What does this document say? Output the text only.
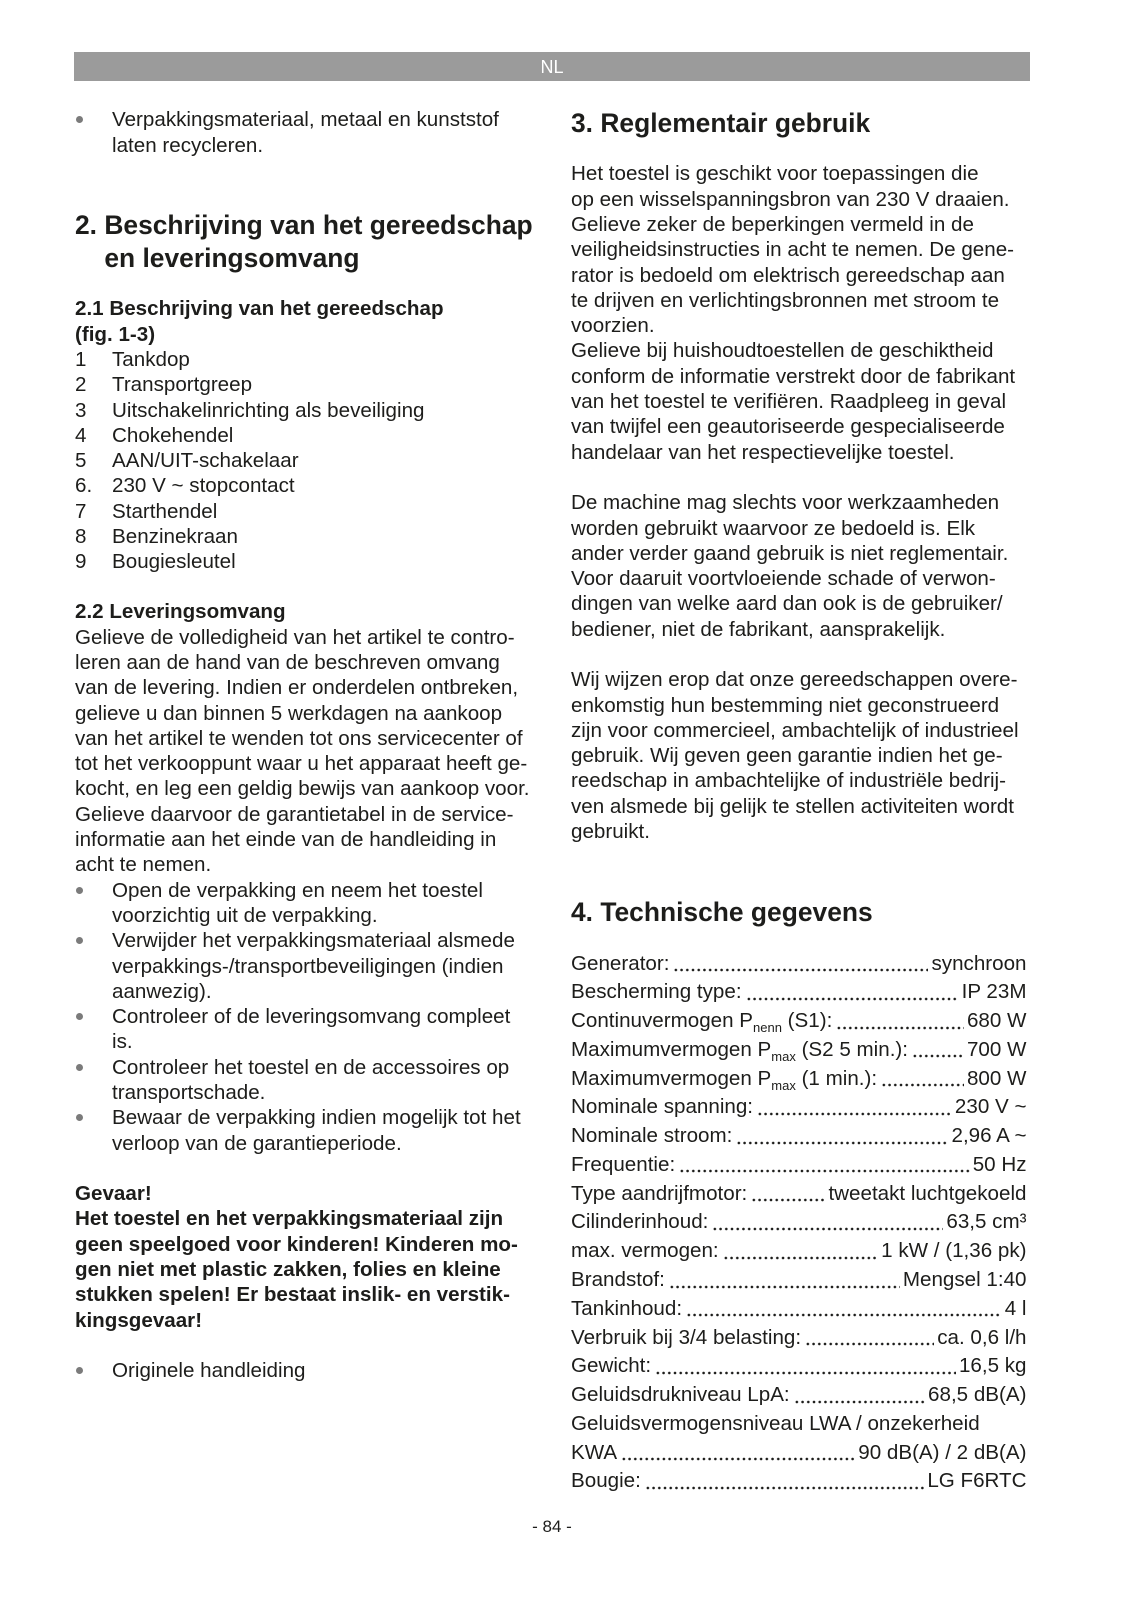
NL
Verpakkingsmateriaal, metaal en kunststof
laten recycleren.
2. Beschrijving van het gereedschap
en leveringsomvang
2.1 Beschrijving van het gereedschap
(fig. 1-3)
1	Tankdop
2	Transportgreep
3	Uitschakelinrichting als beveiliging
4	Chokehendel
5	AAN/UIT-schakelaar
6. 230 V ~ stopcontact
7	Starthendel
8	Benzinekraan
9	Bougiesleutel
2.2 Leveringsomvang
Gelieve de volledigheid van het artikel te contro-
leren aan de hand van de beschreven omvang
van de levering. Indien er onderdelen ontbreken,
gelieve u dan binnen 5 werkdagen na aankoop
van het artikel te wenden tot ons servicecenter of
tot het verkooppunt waar u het apparaat heeft ge-
kocht, en leg een geldig bewijs van aankoop voor.
Gelieve daarvoor de garantietabel in de service-
informatie aan het einde van de handleiding in
acht te nemen.
Open de verpakking en neem het toestel
voorzichtig uit de verpakking.
Verwijder het verpakkingsmateriaal alsmede
verpakkings-/transportbeveiligingen (indien
aanwezig).
Controleer of de leveringsomvang compleet
is.
Controleer het toestel en de accessoires op
transportschade.
Bewaar de verpakking indien mogelijk tot het
verloop van de garantieperiode.
Gevaar!
Het toestel en het verpakkingsmateriaal zijn
geen speelgoed voor kinderen! Kinderen mo-
gen niet met plastic zakken, folies en kleine
stukken spelen! Er bestaat inslik- en verstik-
kingsgevaar!
Originele handleiding
3. Reglementair gebruik
Het toestel is geschikt voor toepassingen die
op een wisselspanningsbron van 230 V draaien.
Gelieve zeker de beperkingen vermeld in de
veiligheidsinstructies in acht te nemen. De gene-
rator is bedoeld om elektrisch gereedschap aan
te drijven en verlichtingsbronnen met stroom te
voorzien.
Gelieve bij huishoudtoestellen de geschiktheid
conform de informatie verstrekt door de fabrikant
van het toestel te verifiëren. Raadpleeg in geval
van twijfel een geautoriseerde gespecialiseerde
handelaar van het respectievelijke toestel.
De machine mag slechts voor werkzaamheden
worden gebruikt waarvoor ze bedoeld is. Elk
ander verder gaand gebruik is niet reglementair.
Voor daaruit voortvloeiende schade of verwon-
dingen van welke aard dan ook is de gebruiker/
bediener, niet de fabrikant, aansprakelijk.
Wij wijzen erop dat onze gereedschappen overe-
enkomstig hun bestemming niet geconstrueerd
zijn voor commercieel, ambachtelijk of industrieel
gebruik. Wij geven geen garantie indien het ge-
reedschap in ambachtelijke of industriële bedrij-
ven alsmede bij gelijk te stellen activiteiten wordt
gebruikt.
4. Technische gegevens
Generator:	synchroon
Bescherming type:	IP 23M
Continuvermogen $P_{nenn}$ (S1):	680 W
Maximumvermogen $P_{max}$ (S2 5 min.):	700 W
Maximumvermogen $P_{max}$ (1 min.):	800 W
Nominale spanning:	230 V ~
Nominale stroom:	2,96 A ~
Frequentie:	50 Hz
Type aandrijfmotor:	tweetakt luchtgekoeld
Cilinderinhoud:	63,5 cm³
max. vermogen:	1 kW / (1,36 pk)
Brandstof:	Mengsel 1:40
Tankinhoud:	4 l
Verbruik bij 3/4 belasting:	ca. 0,6 l/h
Gewicht:	16,5 kg
Geluidsdrukniveau LpA:	68,5 dB(A)
Geluidsvermogensniveau LWA / onzekerheid
KWA	90 dB(A) / 2 dB(A)
Bougie:	LG F6RTC
- 84 -
